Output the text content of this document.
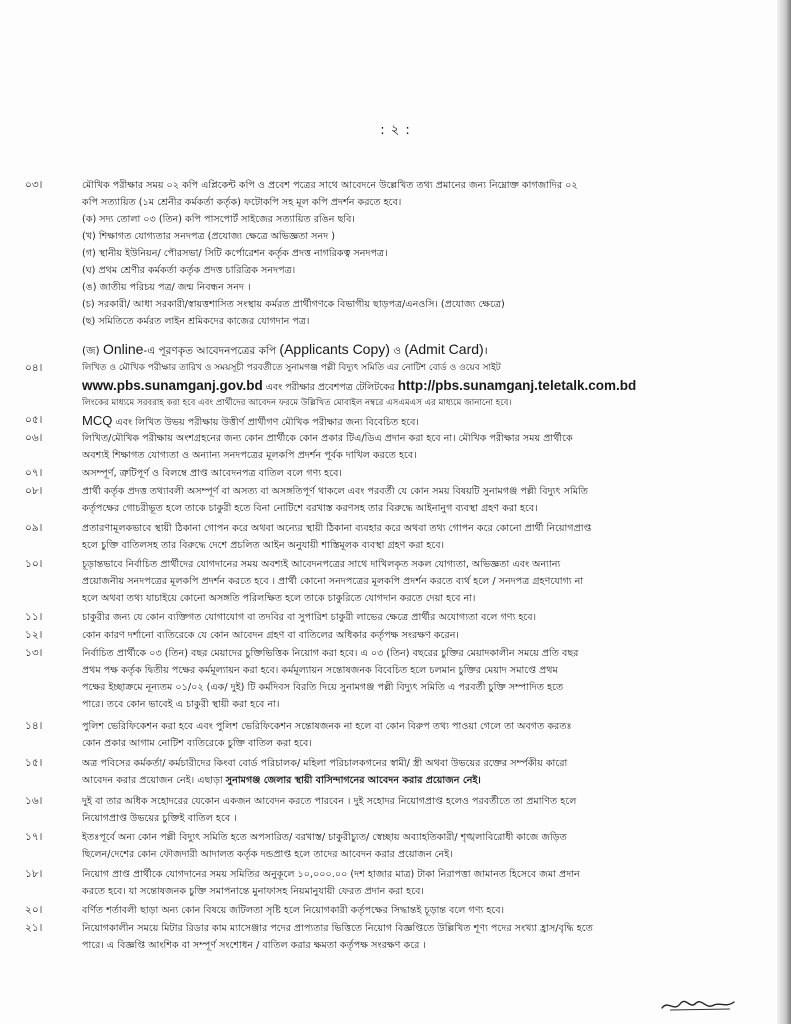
: ২ :
০৩।	মৌখিক পরীক্ষার সময় ০২ কপি এপ্লিকেন্ট কপি ও প্রবেশ পত্রের সাথে আবেদনে উল্লেখিত তথ্য প্রমানের জন্য নিম্নোক্ত কাগজাদির ০২
কপি সত্যায়িত (১ম শ্রেনীর কর্মকর্তা কর্তৃক) ফটোকপি সহ মূল কপি প্রদর্শন করতে হবে।
(ক) সদ্য তোলা ০৩ (তিন) কপি পাসপোর্ট সাইজের সত্যায়িত রঙিন ছবি।
(খ) শিক্ষাগত যোগ্যতার সনদপত্র (প্রযোজ্য ক্ষেত্রে অভিজ্ঞতা সনদ )
(গ) স্থানীয় ইউনিয়ন/ পৌরসভা/ সিটি কর্পোরেশন কর্তৃক প্রদত্ত নাগরিকত্ব সনদপত্র।
(ঘ) প্রথম শ্রেণীর কর্মকর্তা কর্তৃক প্রদত্ত চারিত্রিক সনদপত্র।
(ঙ) জাতীয় পরিচয় পত্র/ জন্ম নিবন্ধন সনদ ।
(চ) সরকারী/ আধা সরকারী/স্বায়ত্তশাসিত সংস্থায় কর্মরত প্রার্থীগণকে বিভাগীয় ছাড়পত্র/এনওসি। (প্রযোজ্য ক্ষেত্রে)
(ছ) সমিতিতে কর্মরত লাইন শ্রমিকদের কাজের যোগদান পত্র।
(জ) Online-এ পূরণকৃত আবেদনপত্রের কপি (Applicants Copy) ও (Admit Card)।
০৪।	লিখিত ও মৌখিক পরীক্ষার তারিখ ও সময়সূচী পরবর্তীতে সুনামগঞ্জ পল্লী বিদ্যুৎ সমিতি এর নোটিশ বোর্ড ও ওয়েব সাইট
www.pbs.sunamganj.gov.bd এবং পরীক্ষার প্রবেশপত্র টেলিটকের http://pbs.sunamganj.teletalk.com.bd
লিংকের মাধ্যমে সরবরাহ করা হবে এবং প্রার্থীদের আবেদন ফরমে উল্লিখিত মোবাইল নম্বরে এসএমএস এর মাধ্যমে জানানো হবে।
০৫।	MCQ এবং লিখিত উভয় পরীক্ষায় উত্তীর্ণ প্রার্থীগণ মৌখিক পরীক্ষার জন্য বিবেচিত হবে।
০৬।	লিখিত/মৌখিক পরীক্ষায় অংশগ্রহনের জন্য কোন প্রার্থীকে কোন প্রকার টিএ/ডিএ প্রদান করা হবে না। মৌখিক পরীক্ষার সময় প্রার্থীকে
অবশ্যই শিক্ষাগত যোগ্যতা ও অন্যান্য সনদপত্রের মূলকপি প্রদর্শন পূর্বক দাখিল করতে হবে।
০৭।	অসম্পূর্ণ, ত্রুটিপূর্ণ ও বিলম্বে প্রাপ্ত আবেদনপত্র বাতিল বলে গণ্য হবে।
০৮।	প্রার্থী কর্তৃক প্রদত্ত তথ্যাবলী অসম্পূর্ণ বা অসত্য বা অসঙ্গতিপূর্ণ থাকলে এবং পরবর্তী যে কোন সময় বিষয়টি সুনামগঞ্জ পল্লী বিদ্যুৎ সমিতি
কর্তৃপক্ষের গোচরীভূত হলে তাকে চাকুরী হতে বিনা নোটিশে বরখাস্ত করণসহ তার বিরুদ্ধে আইনানুগ ব্যবস্থা গ্রহণ করা হবে।
০৯।	প্রতারণামূলকভাবে স্থায়ী ঠিকানা গোপন করে অথবা অন্যের স্থায়ী ঠিকানা ব্যবহার করে অথবা তথ্য গোপন করে কোনো প্রার্থী নিয়োগপ্রাপ্ত
হলে চুক্তি বাতিলসহ তার বিরুদ্ধে দেশে প্রচলিত আইন অনুযায়ী শাস্তিমূলক ব্যবস্থা গ্রহণ করা হবে।
১০।	চূড়ান্তভাবে নির্বাচিত প্রার্থীদের যোগদানের সময় অবশ্যই আবেদনপত্রের সাথে দাখিলকৃত সকল যোগ্যতা, অভিজ্ঞতা এবং অন্যান্য
প্রয়োজনীয় সনদপত্রের মূলকপি প্রদর্শন করতে হবে । প্রার্থী কোনো সনদপত্রের মূলকপি প্রদর্শন করতে ব্যর্থ হলে / সনদপত্র গ্রহণযোগ্য না
হলে অথবা তথ্য যাচাইয়ে কোনো অসঙ্গতি পরিলক্ষিত হলে তাকে চাকুরিতে যোগদান করতে দেয়া হবে না।
১১।	চাকুরীর জন্য যে কোন ব্যক্তিগত যোগাযোগ বা তদবির বা সুপারিশ চাকুরী লাভের ক্ষেত্রে প্রার্থীর অযোগ্যতা বলে গণ্য হবে।
১২।	কোন কারণ দর্শানো ব্যতিরেকে যে কোন আবেদন গ্রহণ বা বাতিলের অধিকার কর্তৃপক্ষ সংরক্ষণ করেন।
১৩।	নির্বাচিত প্রার্থীকে ০৩ (তিন) বছর মেয়াদের চুক্তিভিত্তিক নিয়োগ করা হবে। এ ০৩ (তিন) বছরের চুক্তির মেয়াদকালীন সময়ে প্রতি বছর
প্রথম পক্ষ কর্তৃক দ্বিতীয় পক্ষের কর্মমূল্যায়ন করা হবে। কর্মমূল্যায়ন সন্তোষজনক বিবেচিত হলে চলমান চুক্তির মেয়াদ সমাপ্তে প্রথম
পক্ষের ইচ্ছাক্রমে নূন্যতম ০১/০২ (এক/ দুই) টি কর্মদিবস বিরতি দিয়ে সুনামগঞ্জ পল্লী বিদ্যুৎ সমিতি এ পরবর্তী চুক্তি সম্পাদিত হতে
পারে। তবে কোন ভাবেই এ চাকুরী স্থায়ী করা হবে না।
১৪।	পুলিশ ভেরিফিকেশন করা হবে এবং পুলিশ ভেরিফিকেশন সন্তোষজনক না হলে বা কোন বিরুপ তথ্য পাওয়া গেলে তা অবগত করতঃ
কোন প্রকার আগাম নোটিশ ব্যতিরেকে চুক্তি বাতিল করা হবে।
১৫।	অত্র পবিসের কর্মকর্তা/ কর্মচারীদের কিংবা বোর্ড পরিচালক/ মহিলা পরিচালকগনের স্বামী/ স্ত্রী অথবা উভয়ের রক্তের সর্ম্পকীয় কারো
আবেদন করার প্রয়োজন নেই। এছাড়া সুনামগঞ্জ জেলার স্থায়ী বাসিন্দাগনের আবেদন করার প্রয়োজন নেই।
১৬।	দুই বা তার অধিক সহোদরের যেকোন একজন আবেদন করতে পারবেন । দুই সহোদর নিয়োগপ্রাপ্ত হলেও পরবর্তীতে তা প্রমাণিত হলে
নিয়োগপ্রাপ্ত উভয়ের চুক্তিই বাতিল হবে ।
১৭।	ইতঃপূর্বে অন্য কোন পল্লী বিদ্যুৎ সমিতি হতে অপসারিত/ বরখাস্ত/ চাকুরীচ্যুত/ স্বেচ্ছায় অব্যাহতিকারী/ শৃঙ্খলাবিরোধী কাজে জড়িত
ছিলেন/দেশের কোন ফৌজদারী আদালত কর্তৃক দন্ডপ্রাপ্ত হলে তাদের আবেদন করার প্রয়োজন নেই।
১৮।	নিয়োগ প্রাপ্ত প্রার্থীকে যোগদানের সময় সমিতির অনুকূলে ১০,০০০.০০ (দশ হাজার মাত্র) টাকা নিরাপত্তা জামানত হিসেবে জমা প্রদান
করতে হবে। যা সন্তোষজনক চুক্তি সমাপনান্তে মুনাফাসহ নিয়মানুযায়ী ফেরত প্রদান করা হবে।
২০।	বর্ণিত শর্তাবলী ছাড়া অন্য কোন বিষয়ে জটিলতা সৃষ্টি হলে নিয়োগকারী কর্তৃপক্ষের সিদ্ধান্তই চূড়ান্ত বলে গণ্য হবে।
২১।	নিয়োগকালীন সময়ে মিটার রিডার কাম ম্যাসেঞ্জার পদের প্রাপ্যতার ভিত্তিতে নিয়োগ বিজ্ঞপ্তিতে উল্লিখিত শূণ্য পদের সংখ্যা হ্রাস/বৃদ্ধি হতে
পারে। এ বিজ্ঞপ্তি আংশিক বা সম্পূর্ণ সংশোধন / বাতিল করার ক্ষমতা কর্তৃপক্ষ সংরক্ষণ করে ।
